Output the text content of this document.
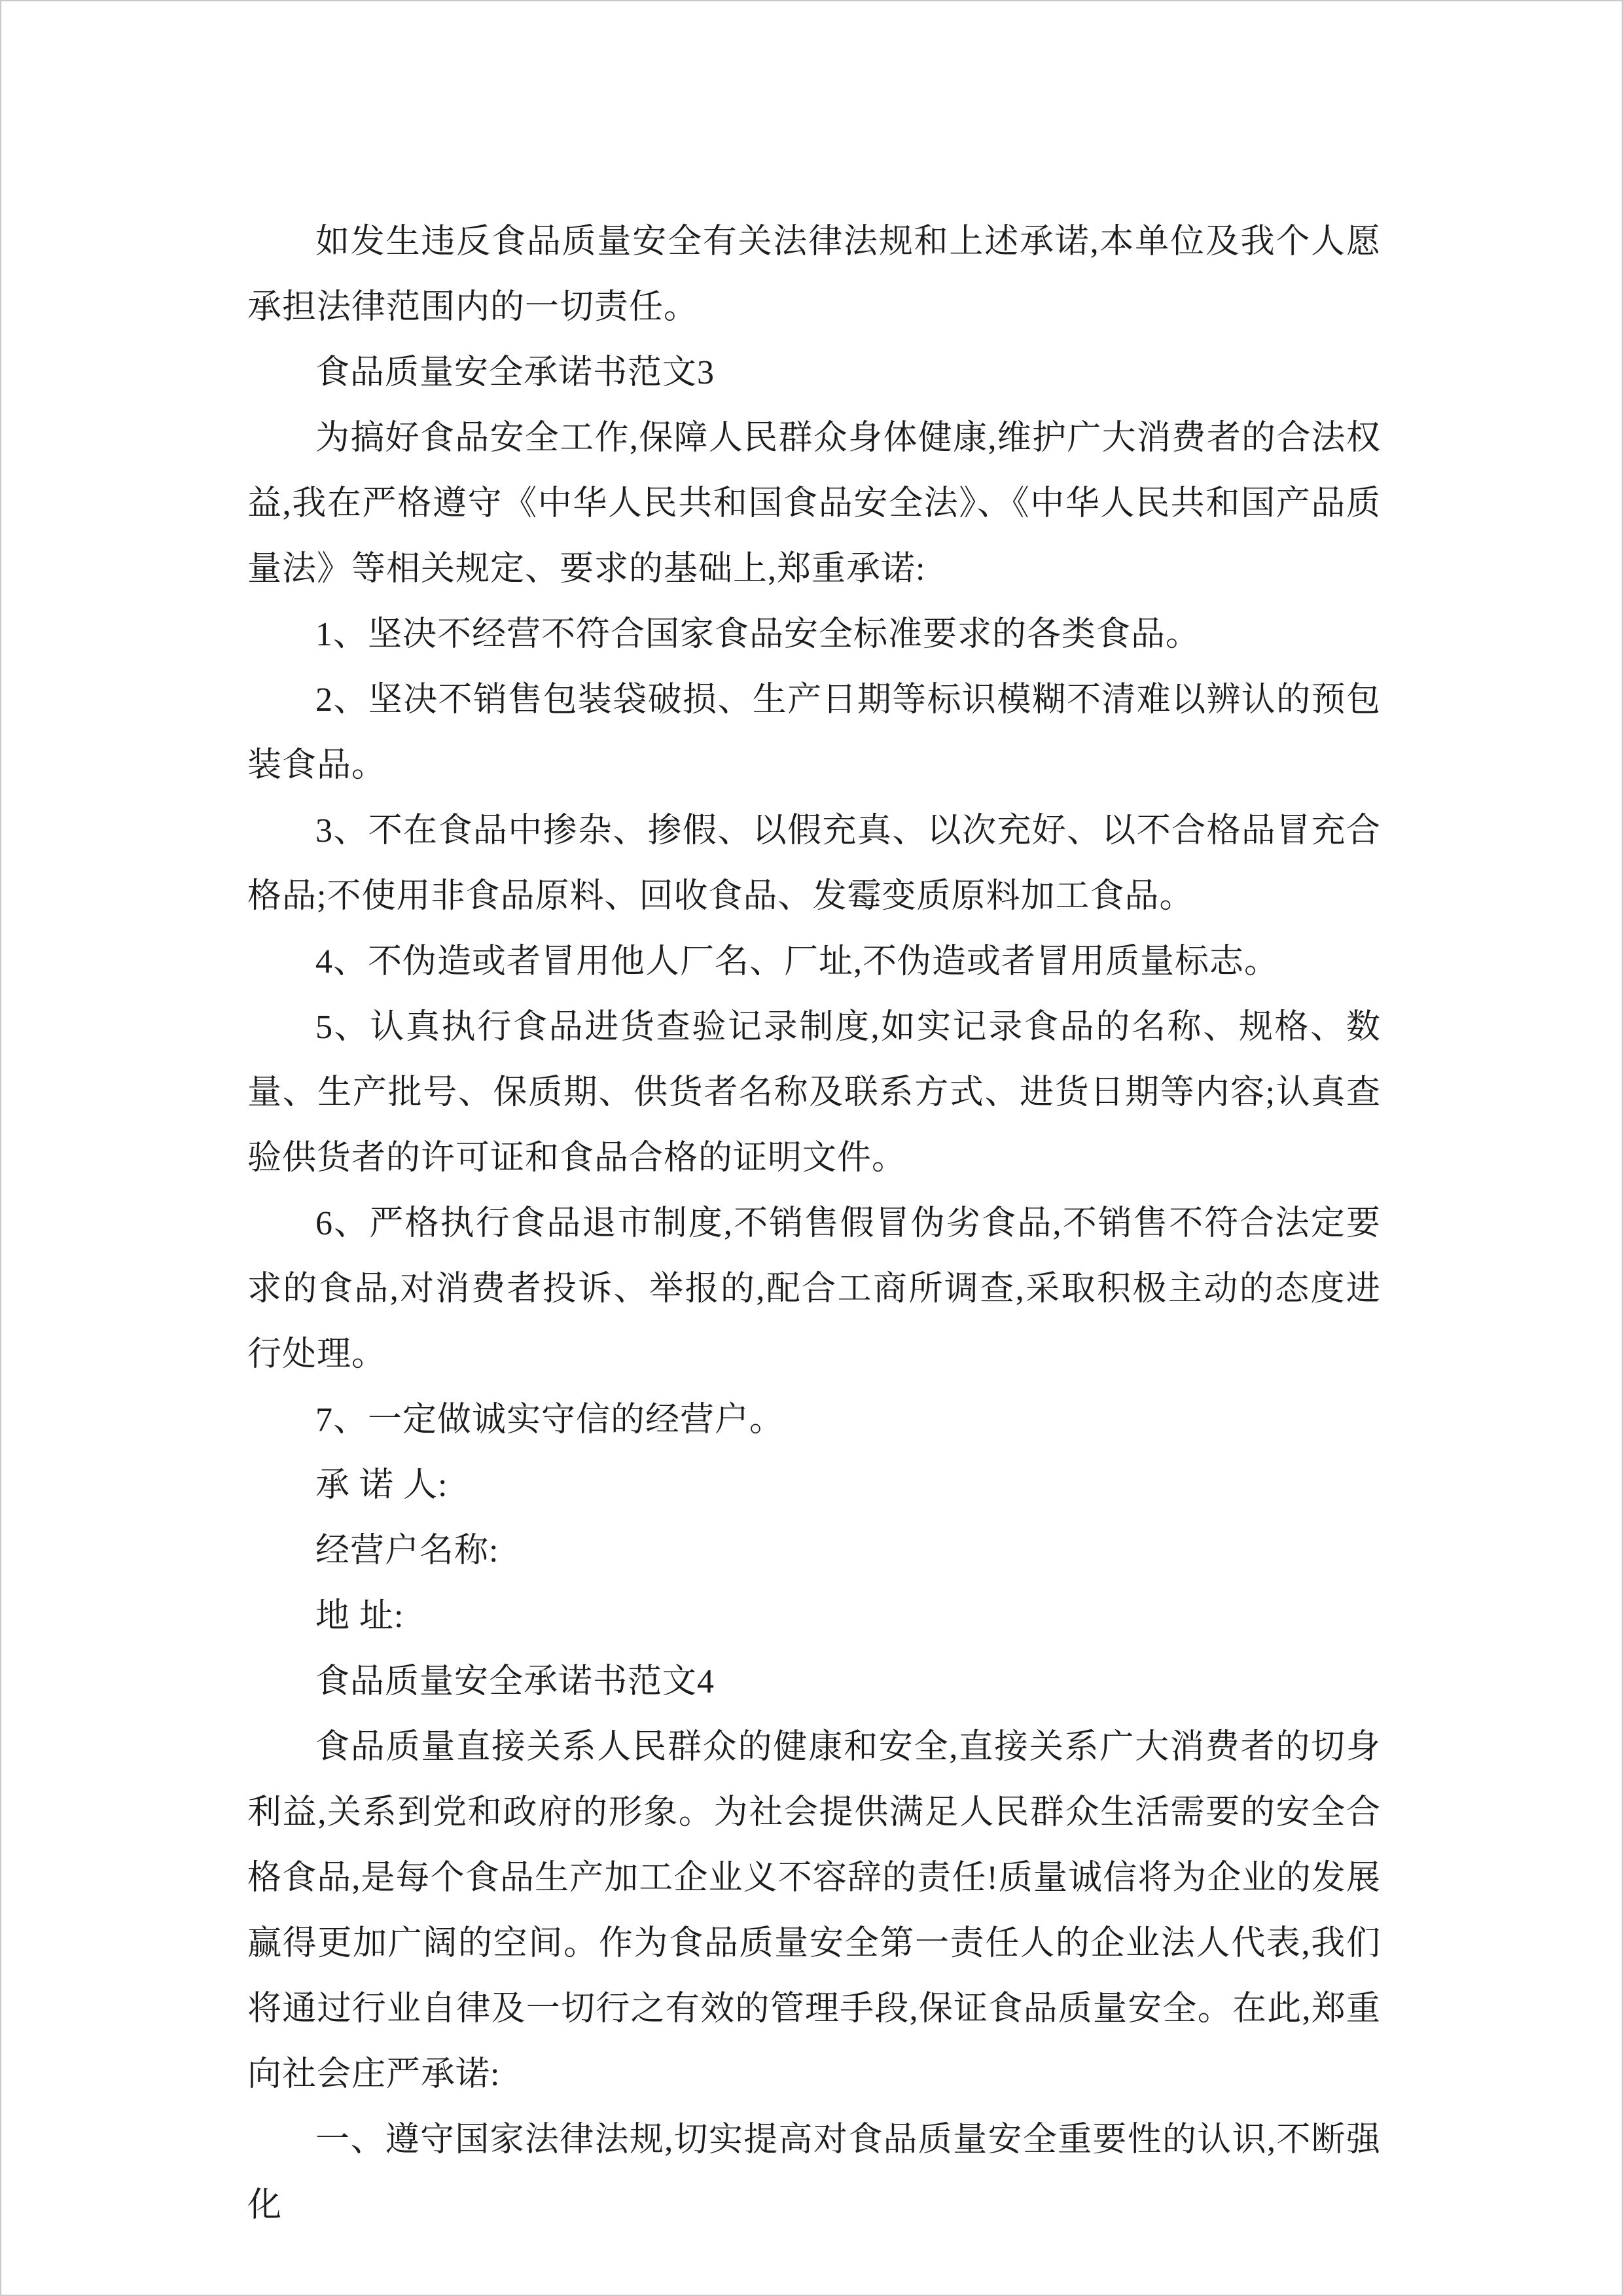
如发生违反食品质量安全有关法律法规和上述承诺,本单位及我个人愿承担法律范围内的一切责任。

食品质量安全承诺书范文3

为搞好食品安全工作,保障人民群众身体健康,维护广大消费者的合法权益,我在严格遵守《中华人民共和国食品安全法》、《中华人民共和国产品质量法》等相关规定、要求的基础上,郑重承诺:

1、坚决不经营不符合国家食品安全标准要求的各类食品。

2、坚决不销售包装袋破损、生产日期等标识模糊不清难以辨认的预包装食品。

3、不在食品中掺杂、掺假、以假充真、以次充好、以不合格品冒充合格品;不使用非食品原料、回收食品、发霉变质原料加工食品。

4、不伪造或者冒用他人厂名、厂址,不伪造或者冒用质量标志。

5、认真执行食品进货查验记录制度,如实记录食品的名称、规格、数量、生产批号、保质期、供货者名称及联系方式、进货日期等内容;认真查验供货者的许可证和食品合格的证明文件。

6、严格执行食品退市制度,不销售假冒伪劣食品,不销售不符合法定要求的食品,对消费者投诉、举报的,配合工商所调查,采取积极主动的态度进行处理。

7、一定做诚实守信的经营户。

承 诺 人:

经营户名称:

地 址:

食品质量安全承诺书范文4

食品质量直接关系人民群众的健康和安全,直接关系广大消费者的切身利益,关系到党和政府的形象。为社会提供满足人民群众生活需要的安全合格食品,是每个食品生产加工企业义不容辞的责任!质量诚信将为企业的发展赢得更加广阔的空间。作为食品质量安全第一责任人的企业法人代表,我们将通过行业自律及一切行之有效的管理手段,保证食品质量安全。在此,郑重向社会庄严承诺:

一、遵守国家法律法规,切实提高对食品质量安全重要性的认识,不断强化
